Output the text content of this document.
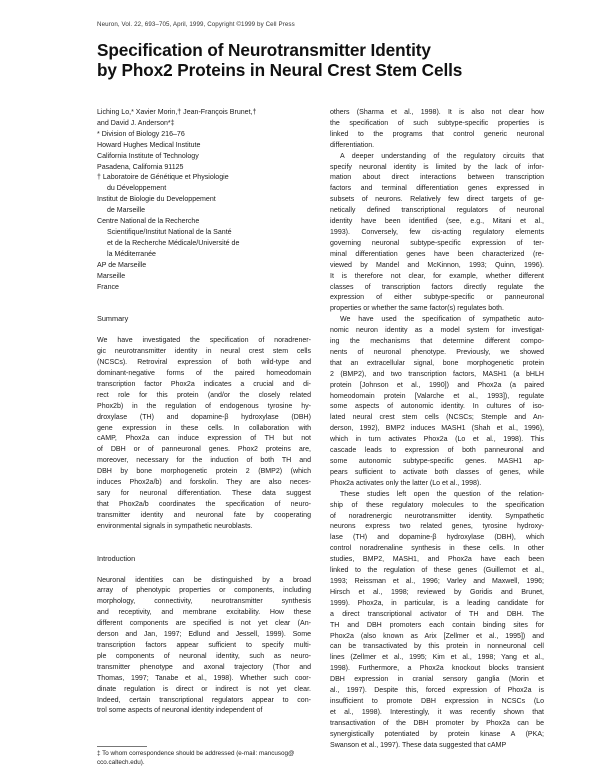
Neuron, Vol. 22, 693–705, April, 1999, Copyright ©1999 by Cell Press
Specification of Neurotransmitter Identity
by Phox2 Proteins in Neural Crest Stem Cells
Liching Lo,* Xavier Morin,† Jean-François Brunet,†
and David J. Anderson*‡
* Division of Biology 216–76
Howard Hughes Medical Institute
California Institute of Technology
Pasadena, California 91125
† Laboratoire de Génétique et Physiologie
du Développement
Institut de Biologie du Developpement
de Marseille
Centre National de la Recherche
Scientifique/Institut National de la Santé
et de la Recherche Médicale/Université de
la Méditerranée
AP de Marseille
Marseille
France
Summary
We have investigated the specification of noradrener-
gic neurotransmitter identity in neural crest stem cells
(NCSCs). Retroviral expression of both wild-type and
dominant-negative forms of the paired homeodomain
transcription factor Phox2a indicates a crucial and di-
rect role for this protein (and/or the closely related
Phox2b) in the regulation of endogenous tyrosine hy-
droxylase (TH) and dopamine-β hydroxylase (DBH)
gene expression in these cells. In collaboration with
cAMP, Phox2a can induce expression of TH but not
of DBH or of panneuronal genes. Phox2 proteins are,
moreover, necessary for the induction of both TH and
DBH by bone morphogenetic protein 2 (BMP2) (which
induces Phox2a/b) and forskolin. They are also neces-
sary for neuronal differentiation. These data suggest
that Phox2a/b coordinates the specification of neuro-
transmitter identity and neuronal fate by cooperating
environmental signals in sympathetic neuroblasts.
Introduction
Neuronal identities can be distinguished by a broad
array of phenotypic properties or components, including
morphology, connectivity, neurotransmitter synthesis
and receptivity, and membrane excitability. How these
different components are specified is not yet clear (An-
derson and Jan, 1997; Edlund and Jessell, 1999). Some
transcription factors appear sufficient to specify multi-
ple components of neuronal identity, such as neuro-
transmitter phenotype and axonal trajectory (Thor and
Thomas, 1997; Tanabe et al., 1998). Whether such coor-
dinate regulation is direct or indirect is not yet clear.
Indeed, certain transcriptional regulators appear to con-
trol some aspects of neuronal identity independent of
others (Sharma et al., 1998). It is also not clear how
the specification of such subtype-specific properties is
linked to the programs that control generic neuronal
differentiation.
A deeper understanding of the regulatory circuits that
specify neuronal identity is limited by the lack of infor-
mation about direct interactions between transcription
factors and terminal differentiation genes expressed in
subsets of neurons. Relatively few direct targets of ge-
netically defined transcriptional regulators of neuronal
identity have been identified (see, e.g., Mitani et al.,
1993). Conversely, few cis-acting regulatory elements
governing neuronal subtype-specific expression of ter-
minal differentiation genes have been characterized (re-
viewed by Mandel and McKinnon, 1993; Quinn, 1996).
It is therefore not clear, for example, whether different
classes of transcription factors directly regulate the
expression of either subtype-specific or panneuronal
properties or whether the same factor(s) regulates both.
We have used the specification of sympathetic auto-
nomic neuron identity as a model system for investigat-
ing the mechanisms that determine different compo-
nents of neuronal phenotype. Previously, we showed
that an extracellular signal, bone morphogenetic protein
2 (BMP2), and two transcription factors, MASH1 (a bHLH
protein [Johnson et al., 1990]) and Phox2a (a paired
homeodomain protein [Valarche et al., 1993]), regulate
some aspects of autonomic identity. In cultures of iso-
lated neural crest stem cells (NCSCs; Stemple and An-
derson, 1992), BMP2 induces MASH1 (Shah et al., 1996),
which in turn activates Phox2a (Lo et al., 1998). This
cascade leads to expression of both panneuronal and
some autonomic subtype-specific genes. MASH1 ap-
pears sufficient to activate both classes of genes, while
Phox2a activates only the latter (Lo et al., 1998).
These studies left open the question of the relation-
ship of these regulatory molecules to the specification
of noradrenergic neurotransmitter identity. Sympathetic
neurons express two related genes, tyrosine hydroxy-
lase (TH) and dopamine-β hydroxylase (DBH), which
control noradrenaline synthesis in these cells. In other
studies, BMP2, MASH1, and Phox2a have each been
linked to the regulation of these genes (Guillemot et al.,
1993; Reissman et al., 1996; Varley and Maxwell, 1996;
Hirsch et al., 1998; reviewed by Goridis and Brunet,
1999). Phox2a, in particular, is a leading candidate for
a direct transcriptional activator of TH and DBH. The
TH and DBH promoters each contain binding sites for
Phox2a (also known as Arix [Zellmer et al., 1995]) and
can be transactivated by this protein in nonneuronal cell
lines (Zellmer et al., 1995; Kim et al., 1998; Yang et al.,
1998). Furthermore, a Phox2a knockout blocks transient
DBH expression in cranial sensory ganglia (Morin et
al., 1997). Despite this, forced expression of Phox2a is
insufficient to promote DBH expression in NCSCs (Lo
et al., 1998). Interestingly, it was recently shown that
transactivation of the DBH promoter by Phox2a can be
synergistically potentiated by protein kinase A (PKA;
Swanson et al., 1997). These data suggested that cAMP
‡ To whom correspondence should be addressed (e-mail: mancusog@
cco.caltech.edu).
